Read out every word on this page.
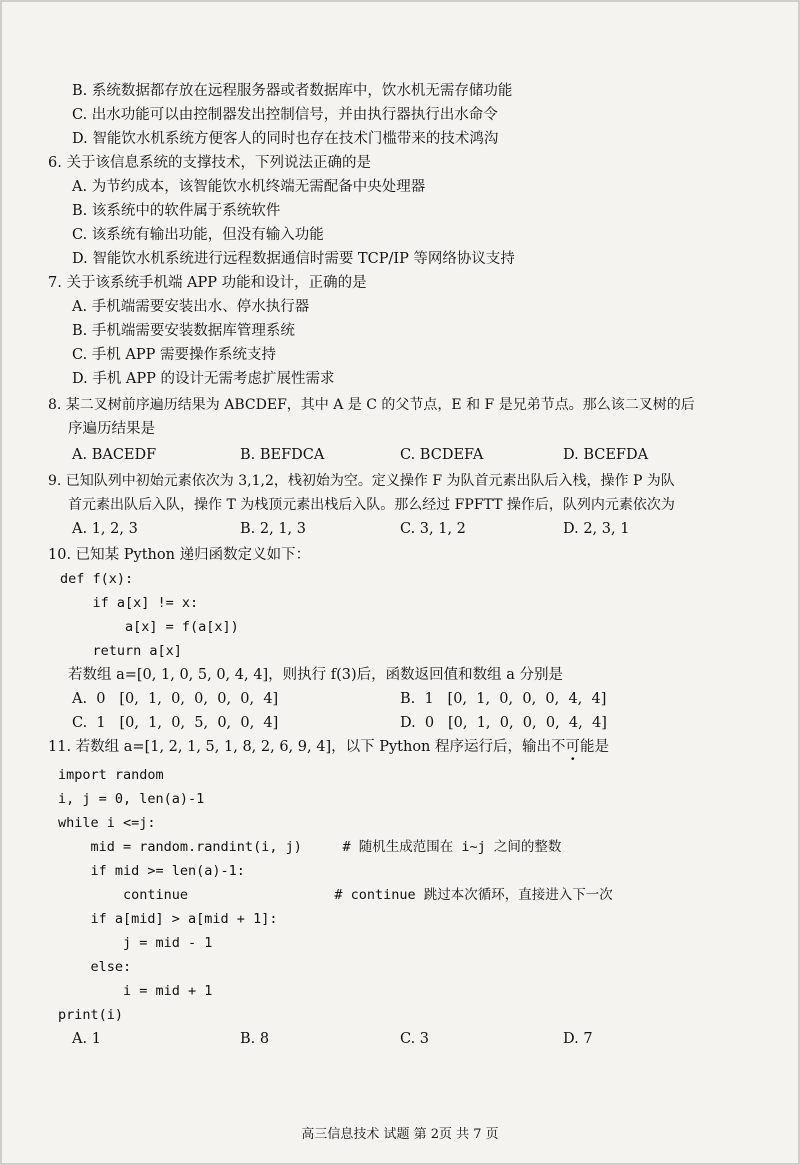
B. 系统数据都存放在远程服务器或者数据库中，饮水机无需存储功能
C. 出水功能可以由控制器发出控制信号，并由执行器执行出水命令
D. 智能饮水机系统方便客人的同时也存在技术门槛带来的技术鸿沟
6. 关于该信息系统的支撑技术，下列说法正确的是
A. 为节约成本，该智能饮水机终端无需配备中央处理器
B. 该系统中的软件属于系统软件
C. 该系统有输出功能，但没有输入功能
D. 智能饮水机系统进行远程数据通信时需要 TCP/IP 等网络协议支持
7. 关于该系统手机端 APP 功能和设计，正确的是
A. 手机端需要安装出水、停水执行器
B. 手机端需要安装数据库管理系统
C. 手机 APP 需要操作系统支持
D. 手机 APP 的设计无需考虑扩展性需求
8. 某二叉树前序遍历结果为 ABCDEF，其中 A 是 C 的父节点，E 和 F 是兄弟节点。那么该二叉树的后
序遍历结果是
A. BACEDF	B. BEFDCA	C. BCDEFA	D. BCEFDA
9. 已知队列中初始元素依次为 3,1,2，栈初始为空。定义操作 F 为队首元素出队后入栈，操作 P 为队
首元素出队后入队，操作 T 为栈顶元素出栈后入队。那么经过 FPFTT 操作后，队列内元素依次为
A. 1, 2, 3	B. 2, 1, 3	C. 3, 1, 2	D. 2, 3, 1
10. 已知某 Python 递归函数定义如下：
def f(x):
if a[x] != x:
a[x] = f(a[x])
return a[x]
若数组 a=[0, 1, 0, 5, 0, 4, 4]，则执行 f(3)后，函数返回值和数组 a 分别是
A.  0   [0,  1,  0,  0,  0,  0,  4]	B.  1   [0,  1,  0,  0,  0,  4,  4]
C.  1   [0,  1,  0,  5,  0,  0,  4]	D.  0   [0,  1,  0,  0,  0,  4,  4]
11. 若数组 a=[1, 2, 1, 5, 1, 8, 2, 6, 9, 4]，以下 Python 程序运行后，输出不可能是
import random
i, j = 0, len(a)-1
while i <=j:
mid = random.randint(i, j)     # 随机生成范围在 i~j 之间的整数
if mid >= len(a)-1:
continue                  # continue 跳过本次循环，直接进入下一次
if a[mid] > a[mid + 1]:
j = mid - 1
else:
i = mid + 1
print(i)
A. 1	B. 8	C. 3	D. 7
高三信息技术 试题 第 2页 共 7 页
